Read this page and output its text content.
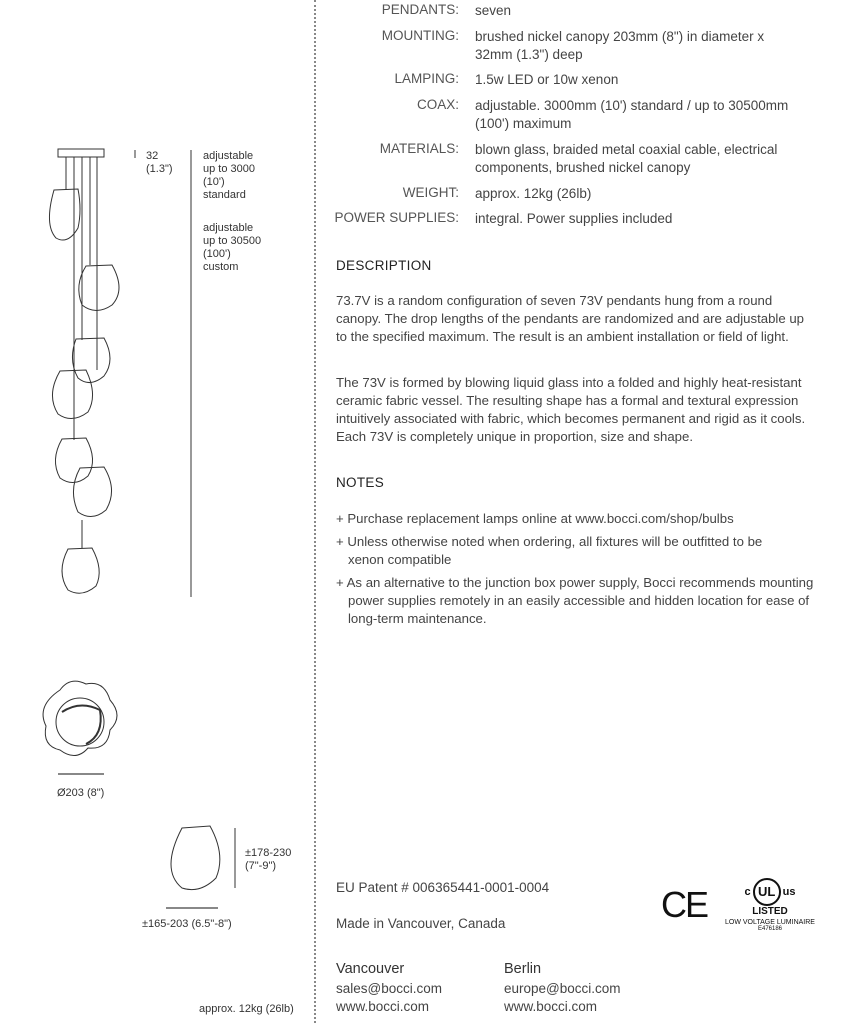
PENDANTS: seven
MOUNTING: brushed nickel canopy 203mm (8") in diameter x 32mm (1.3") deep
LAMPING: 1.5w LED or 10w xenon
COAX: adjustable. 3000mm (10') standard / up to 30500mm (100') maximum
MATERIALS: blown glass, braided metal coaxial cable, electrical components, brushed nickel canopy
WEIGHT: approx. 12kg (26lb)
POWER SUPPLIES: integral. Power supplies included
DESCRIPTION
73.7V is a random configuration of seven 73V pendants hung from a round canopy. The drop lengths of the pendants are randomized and are adjustable up to the specified maximum. The result is an ambient installation or field of light.
The 73V is formed by blowing liquid glass into a folded and highly heat-resistant ceramic fabric vessel. The resulting shape has a formal and textural expression intuitively associated with fabric, which becomes permanent and rigid as it cools. Each 73V is completely unique in proportion, size and shape.
NOTES
+ Purchase replacement lamps online at www.bocci.com/shop/bulbs
+ Unless otherwise noted when ordering, all fixtures will be outfitted to be xenon compatible
+ As an alternative to the junction box power supply, Bocci recommends mounting power supplies remotely in an easily accessible and hidden location for ease of long-term maintenance.
32
(1.3")
adjustable
up to 3000
(10')
standard
adjustable
up to 30500
(100')
custom
Ø203 (8")
±178-230
(7"-9")
±165-203 (6.5"-8")
approx. 12kg (26lb)
EU Patent # 006365441-0001-0004
Made in Vancouver, Canada
Vancouver
sales@bocci.com
www.bocci.com
Berlin
europe@bocci.com
www.bocci.com
CE	c UL us
LISTED
LOW VOLTAGE LUMINAIRE
E476186
